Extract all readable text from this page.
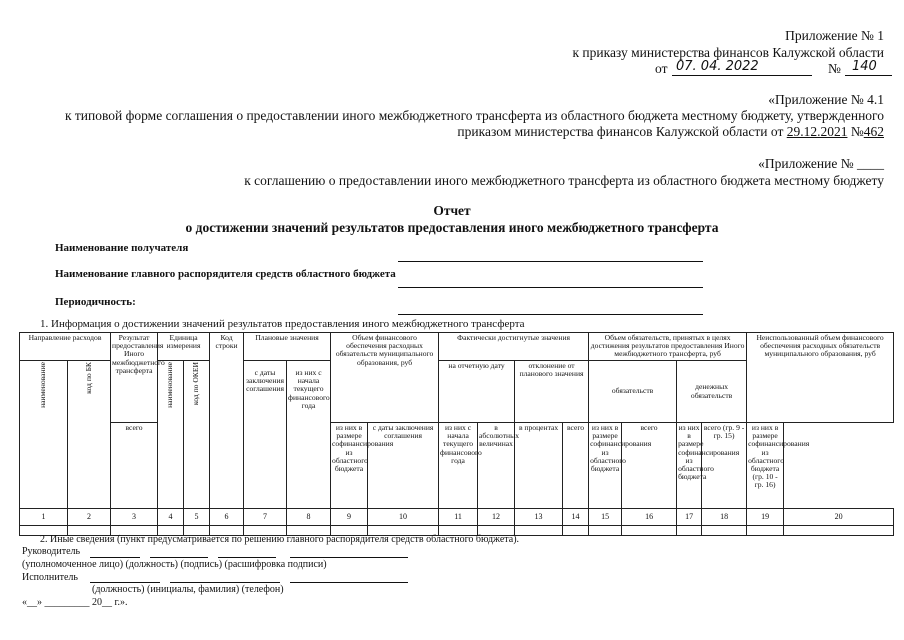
Приложение № 1
к приказу министерства финансов Калужской области
от 07. 04. 2022	№ 140
«Приложение № 4.1
к типовой форме соглашения о предоставлении иного межбюджетного трансферта из областного бюджета местному бюджету, утвержденного
приказом министерства финансов Калужской области от 29.12.2021 №462
«Приложение № ____
к соглашению о предоставлении иного межбюджетного трансферта из областного бюджета местному бюджету
Отчет
о достижении значений результатов предоставления иного межбюджетного трансферта
Наименование получателя
Наименование главного распорядителя средств областного бюджета
Периодичность:
1. Информация о достижении значений результатов предоставления иного межбюджетного трансферта
Направление расходов		Результат предоставления Иного межбюджетного трансферта	Единица измерения		Код строки	Плановые значения		Объем финансового обеспечения расходных обязательств муниципального образования, руб		Фактически достигнутые значения				Объем обязательств, принятых в целях достижения результатов предоставления Иного межбюджетного трансферта, руб				Неиспользованный объем финансового обеспечения расходных обязательств муниципального образования, руб	
наименование	код по БК		наименование	код по ОКЕИ		с даты заключения соглашения	из них с начала текущего финансового года			на отчетную дату		отклонение от планового значения		обязательств		денежных обязательств			

		всего						из них в размере софинансирования из областного бюджета	с даты заключения соглашения	из них с начала текущего финансового года	в абсолютных величинах	в процентах	всего	из них в размере софинансирования из областного бюджета	всего	из них в размере софинансирования из областного бюджета	всего (гр. 9 - гр. 15)	из них в размере софинансирования из областного бюджета (гр. 10 - гр. 16)	
1	2	3	4	5	6	7	8	9	10	11	12	13	14	15	16	17	18	19	20

2. Иные сведения (пункт предусматривается по решению главного распорядителя средств областного бюджета).
Руководитель
(уполномоченное лицо) (должность) (подпись) (расшифровка подписи)
Исполнитель
(должность) (инициалы, фамилия) (телефон)
«__» _________ 20__ г.».
